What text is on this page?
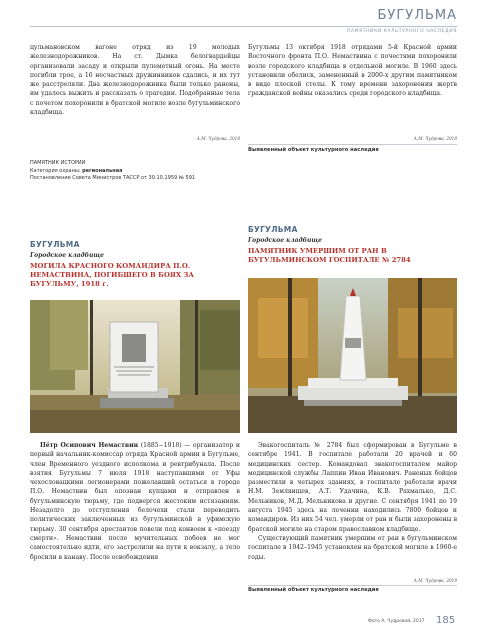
БУГУЛЬМА
ПАМЯТНИКИ КУЛЬТУРНОГО НАСЛЕДИЯ
цульмановском вагоне отряд из 19 молодых железнодорожников. На ст. Дымка белогвардейцы организовали засаду и открыли пулеметный огонь. На месте погибли трое, а 16 несчастных дружинников сдались, и их тут же расстреляли. Два железнодорожника были только ранены, им удалось выжить и рассказать о трагедии. Подобранные тела с почетом похоронили в братской могиле возле бугульминского кладбища.
А.М. Чудрова, 2018
Бугульмы 13 октября 1918 отрядами 5-й Красной армии Восточного фронта П.О. Немаствина с почестями похоронили возле городского кладбища в отдельной могиле. В 1960 здесь установили обелиск, замененный в 2000-х другим памятником в виде плоской стелы. К тому времени захоронения жертв гражданской войны оказались среди городского кладбища.
А.М. Чудрова, 2018
Выявленный объект культурного наследия
ПАМЯТНИК ИСТОРИИ
Категория охраны: региональная
Постановление Совета Министров ТАССР от 30.10.1959 № 591
БУГУЛЬМА
Городское кладбище
МОГИЛА КРАСНОГО КОМАНДИРА П.О. НЕМАСТВИНА, ПОГИБШЕГО В БОЯХ ЗА БУГУЛЬМУ, 1918 г.
БУГУЛЬМА
Городское кладбище
ПАМЯТНИК УМЕРШИМ ОТ РАН В БУГУЛЬМИНСКОМ ГОСПИТАЛЕ № 2784
Пётр Осипович Немаствин (1885−1918) — организатор и первый начальник-комиссар отряда Красной армии в Бугульме, член Временного уездного исполкома и ревтрибунала. После взятия Бугульмы 7 июля 1918 наступавшими от Уфы чехословацкими легионерами пожелавший остаться в городе П.О. Немаствин был опознан купцами и отправлен в бугульминскую тюрьму, где подвергся жестоким истязаниям. Незадолго до отступления белочехи стали переводить политических заключенных из бугульминской в уфимскую тюрьму. 30 сентября арестантов повели под конвоем к «поезду смерти». Немаствин после мучительных побоев не мог самостоятельно идти, его застрелили на пути к вокзалу, а тело бросили в канаву. После освобождения
Эвакогоспиталь № 2784 был сформирован в Бугульме в сентябре 1941. В госпитале работали 20 врачей и 60 медицинских сестер. Командовал эвакогоспиталем майор медицинской службы Лаппин Иван Иванович. Раненых бойцов разместили в четырех зданиях, в госпитале работали врачи Н.М. Землянщев, А.Т. Удачина, К.В. Рахмалько, Д.С. Мельников, М.Д. Мельникова и другие. С сентября 1941 по 19 августа 1945 здесь на лечении находились 7800 бойцов и командиров. Из них 54 чел. умерли от ран и были захоронены в братской могиле на старом православном кладбище.
Существующий памятник умершим от ран в бугульминском госпитале в 1942–1945 установлен на братской могиле в 1960-е годы.
А.М. Чудрова, 2018
Выявленный объект культурного наследия
Фото А. Чудровой, 2017 185
